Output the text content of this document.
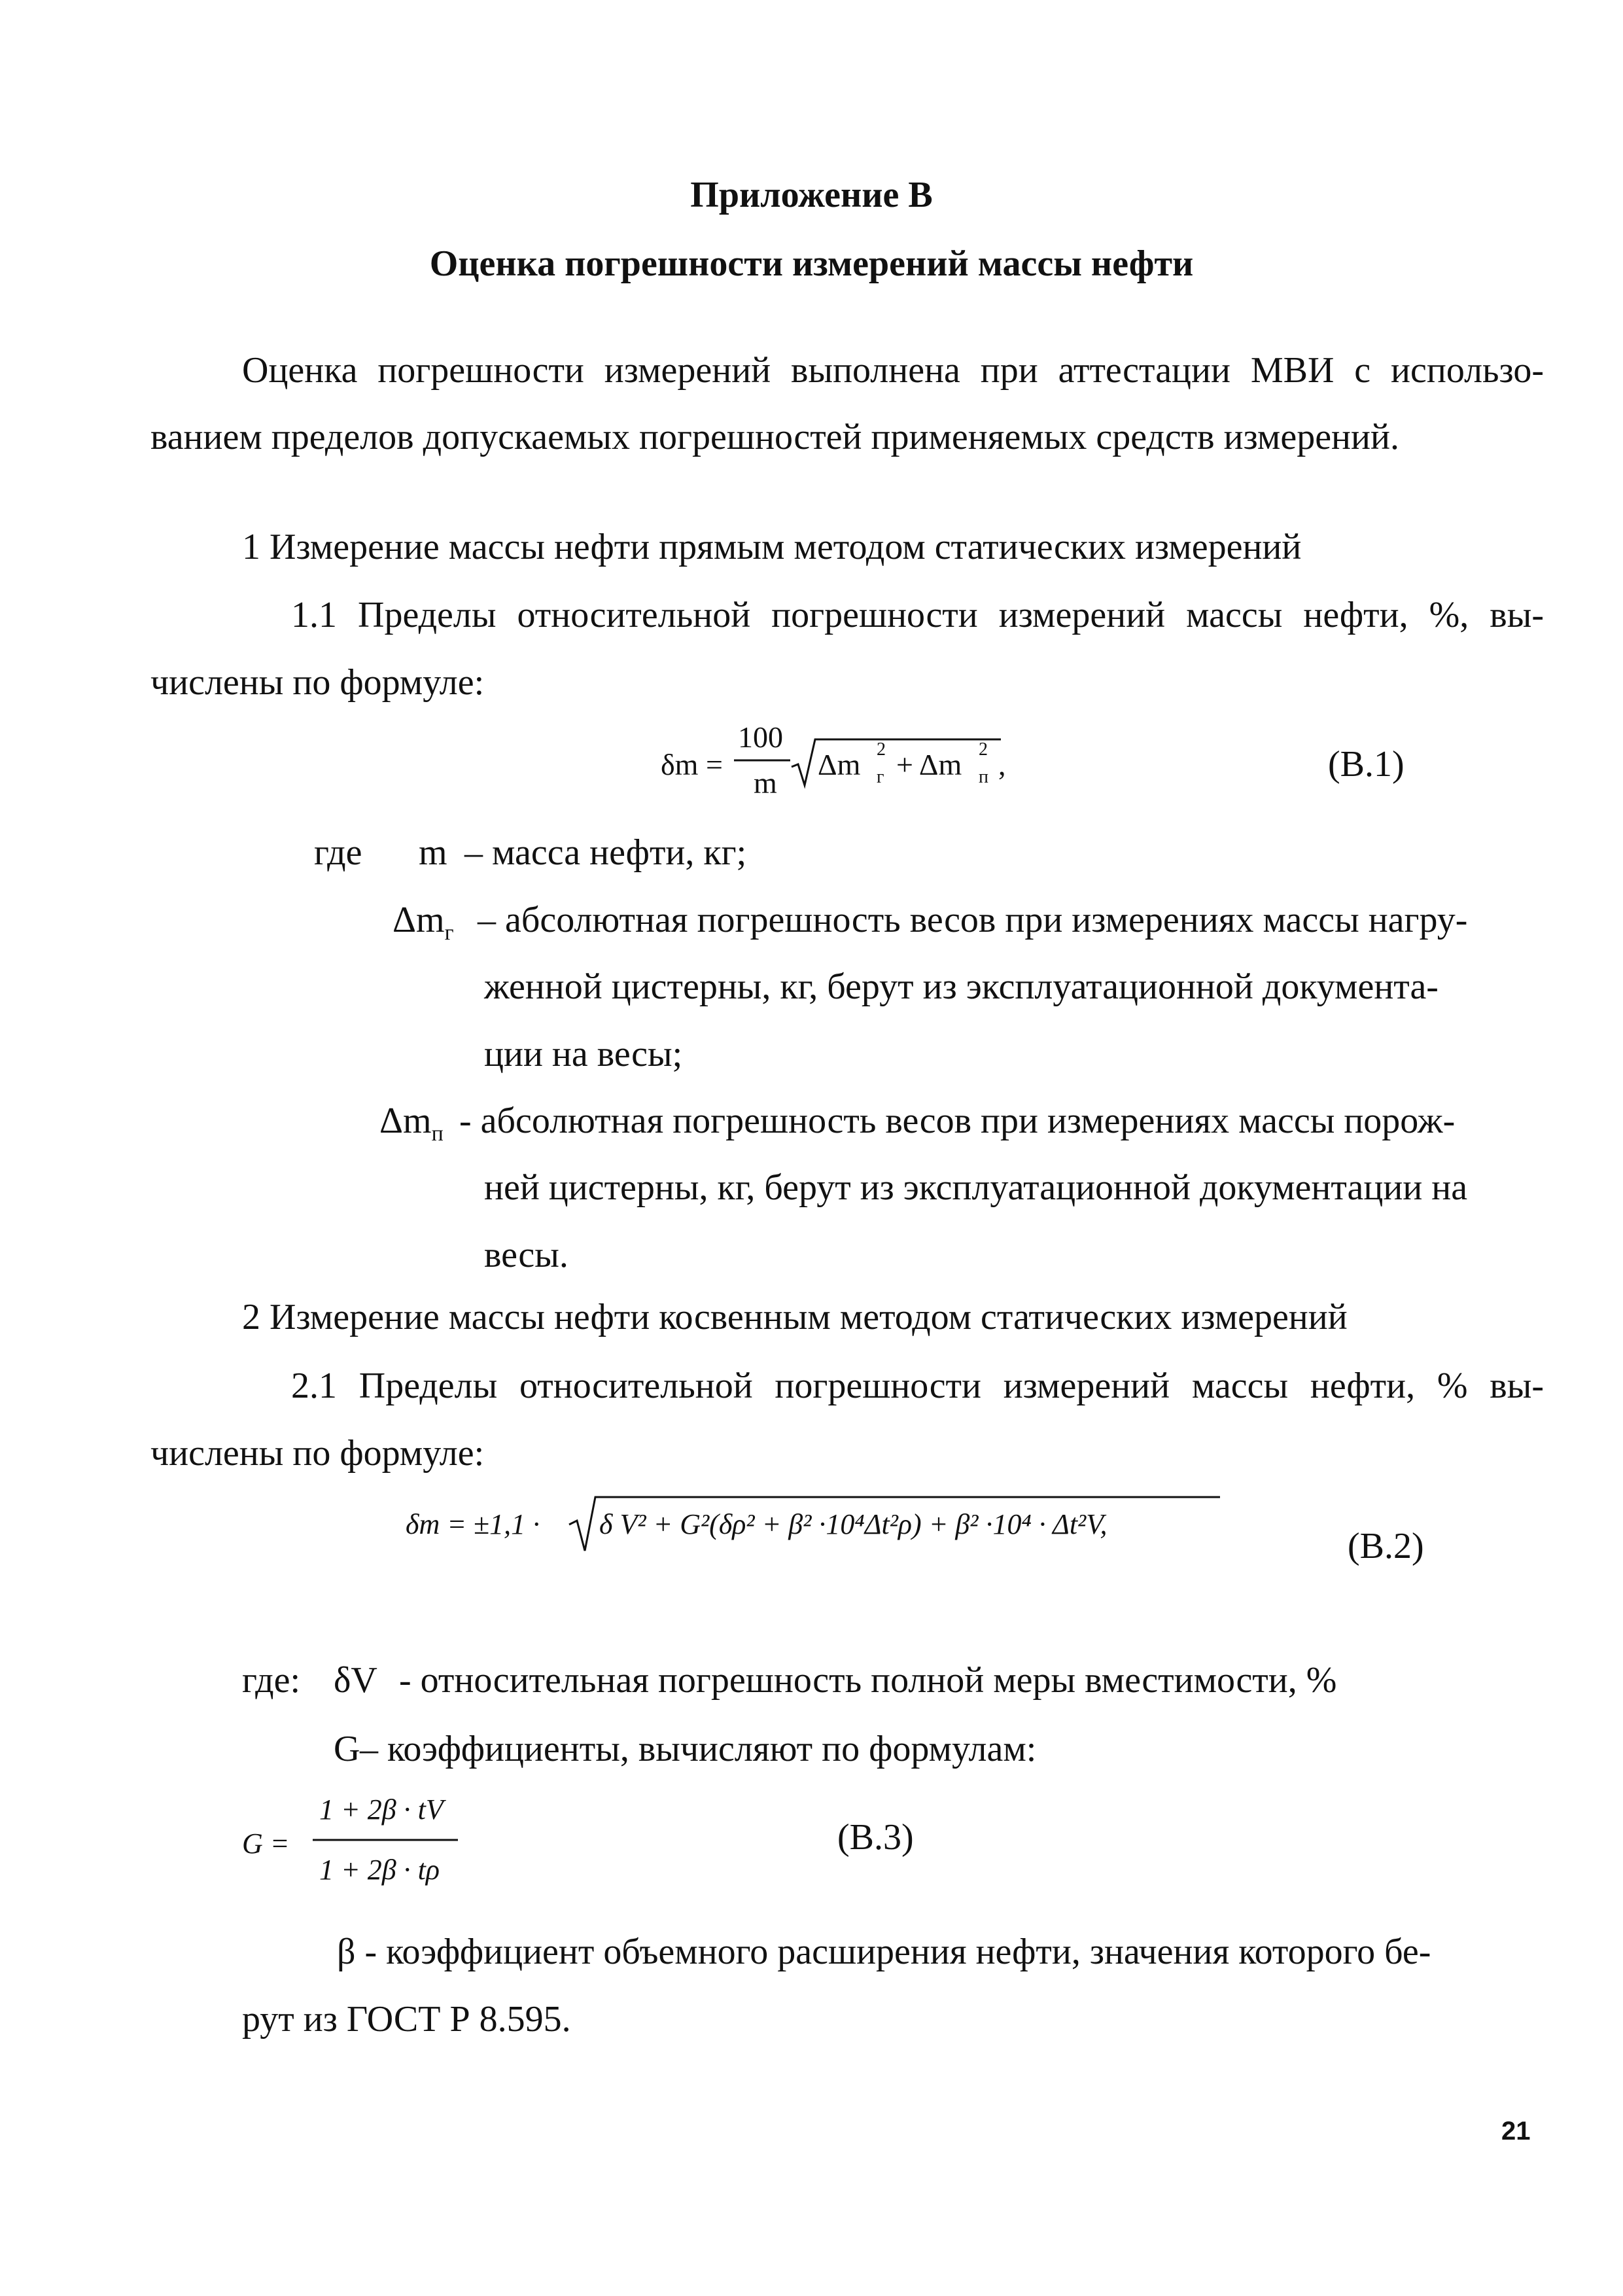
Приложение В
Оценка погрешности измерений массы нефти
Оценка погрешности измерений выполнена при аттестации МВИ с использо-
ванием пределов допускаемых погрешностей применяемых средств измерений.
1 Измерение массы нефти прямым методом статических измерений
1.1 Пределы относительной погрешности измерений массы нефти, %, вы-
числены по формуле:
δm =
100
m
Δm 2
г + Δm 2
п ,	(В.1)
где m – масса нефти, кг;
$\Delta m_г$ – абсолютная погрешность весов при измерениях массы нагру-
женной цистерны, кг, берут из эксплуатационной документа-
ции на весы;
$\Delta m_п$ - абсолютная погрешность весов при измерениях массы порож-
ней цистерны, кг, берут из эксплуатационной документации на
весы.
2 Измерение массы нефти косвенным методом статических измерений
2.1 Пределы относительной погрешности измерений массы нефти, % вы-
числены по формуле:
δm = ±1,1 · δ V² + G²(δρ² + β² ·10⁴Δt²ρ) + β² ·10⁴ · Δt²V,
(В.2)
где: δV - относительная погрешность полной меры вместимости, %
G – коэффициенты, вычисляют по формулам:
G =
1 + 2β · tV
1 + 2β · tρ
(В.3)
β - коэффициент объемного расширения нефти, значения которого бе-
рут из ГОСТ Р 8.595.
21
